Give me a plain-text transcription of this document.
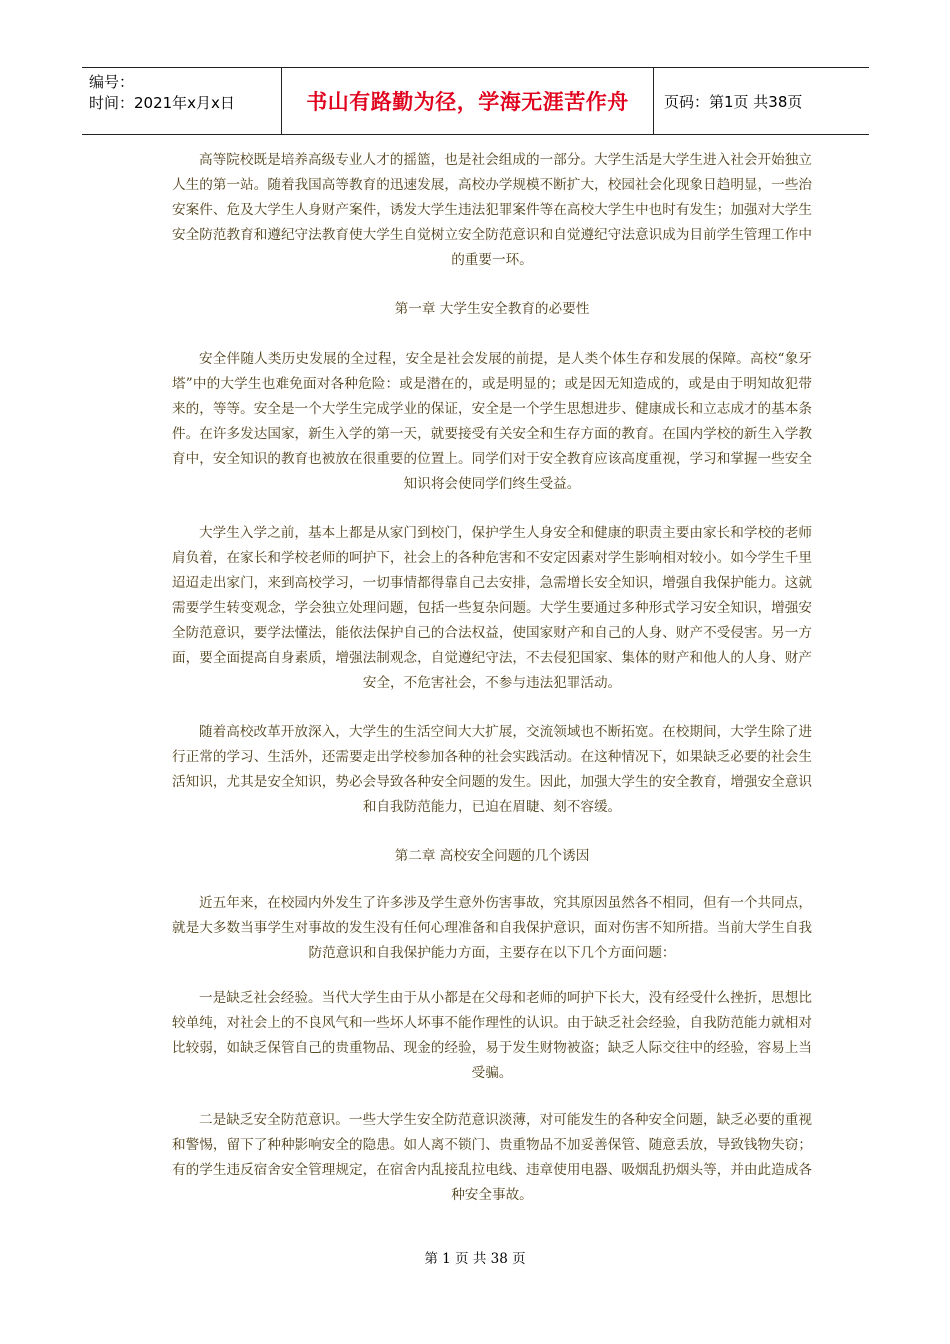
编号：
时间：2021年x月x日	书山有路勤为径，学海无涯苦作舟	页码：第1页 共38页

高等院校既是培养高级专业人才的摇篮，也是社会组成的一部分。大学生活是大学生进入社会开始独立人生的第一站。随着我国高等教育的迅速发展，高校办学规模不断扩大，校园社会化现象日趋明显，一些治安案件、危及大学生人身财产案件，诱发大学生违法犯罪案件等在高校大学生中也时有发生；加强对大学生安全防范教育和遵纪守法教育使大学生自觉树立安全防范意识和自觉遵纪守法意识成为目前学生管理工作中的重要一环。

第一章 大学生安全教育的必要性

安全伴随人类历史发展的全过程，安全是社会发展的前提，是人类个体生存和发展的保障。高校“象牙塔”中的大学生也难免面对各种危险：或是潜在的，或是明显的；或是因无知造成的，或是由于明知故犯带来的，等等。安全是一个大学生完成学业的保证，安全是一个学生思想进步、健康成长和立志成才的基本条件。在许多发达国家，新生入学的第一天，就要接受有关安全和生存方面的教育。在国内学校的新生入学教育中，安全知识的教育也被放在很重要的位置上。同学们对于安全教育应该高度重视，学习和掌握一些安全知识将会使同学们终生受益。

大学生入学之前，基本上都是从家门到校门，保护学生人身安全和健康的职责主要由家长和学校的老师肩负着，在家长和学校老师的呵护下，社会上的各种危害和不安定因素对学生影响相对较小。如今学生千里迢迢走出家门，来到高校学习，一切事情都得靠自己去安排，急需增长安全知识，增强自我保护能力。这就需要学生转变观念，学会独立处理问题，包括一些复杂问题。大学生要通过多种形式学习安全知识，增强安全防范意识，要学法懂法，能依法保护自己的合法权益，使国家财产和自己的人身、财产不受侵害。另一方面，要全面提高自身素质，增强法制观念，自觉遵纪守法，不去侵犯国家、集体的财产和他人的人身、财产安全，不危害社会，不参与违法犯罪活动。

随着高校改革开放深入，大学生的生活空间大大扩展，交流领域也不断拓宽。在校期间，大学生除了进行正常的学习、生活外，还需要走出学校参加各种的社会实践活动。在这种情况下，如果缺乏必要的社会生活知识，尤其是安全知识，势必会导致各种安全问题的发生。因此，加强大学生的安全教育，增强安全意识和自我防范能力，已迫在眉睫、刻不容缓。

第二章 高校安全问题的几个诱因

近五年来，在校园内外发生了许多涉及学生意外伤害事故，究其原因虽然各不相同，但有一个共同点，就是大多数当事学生对事故的发生没有任何心理准备和自我保护意识，面对伤害不知所措。当前大学生自我防范意识和自我保护能力方面，主要存在以下几个方面问题：

一是缺乏社会经验。当代大学生由于从小都是在父母和老师的呵护下长大，没有经受什么挫折，思想比较单纯，对社会上的不良风气和一些坏人坏事不能作理性的认识。由于缺乏社会经验，自我防范能力就相对比较弱，如缺乏保管自己的贵重物品、现金的经验，易于发生财物被盗；缺乏人际交往中的经验，容易上当受骗。

二是缺乏安全防范意识。一些大学生安全防范意识淡薄，对可能发生的各种安全问题，缺乏必要的重视和警惕，留下了种种影响安全的隐患。如人离不锁门、贵重物品不加妥善保管、随意丢放，导致钱物失窃；有的学生违反宿舍安全管理规定，在宿舍内乱接乱拉电线、违章使用电器、吸烟乱扔烟头等，并由此造成各种安全事故。

第 1 页 共 38 页
